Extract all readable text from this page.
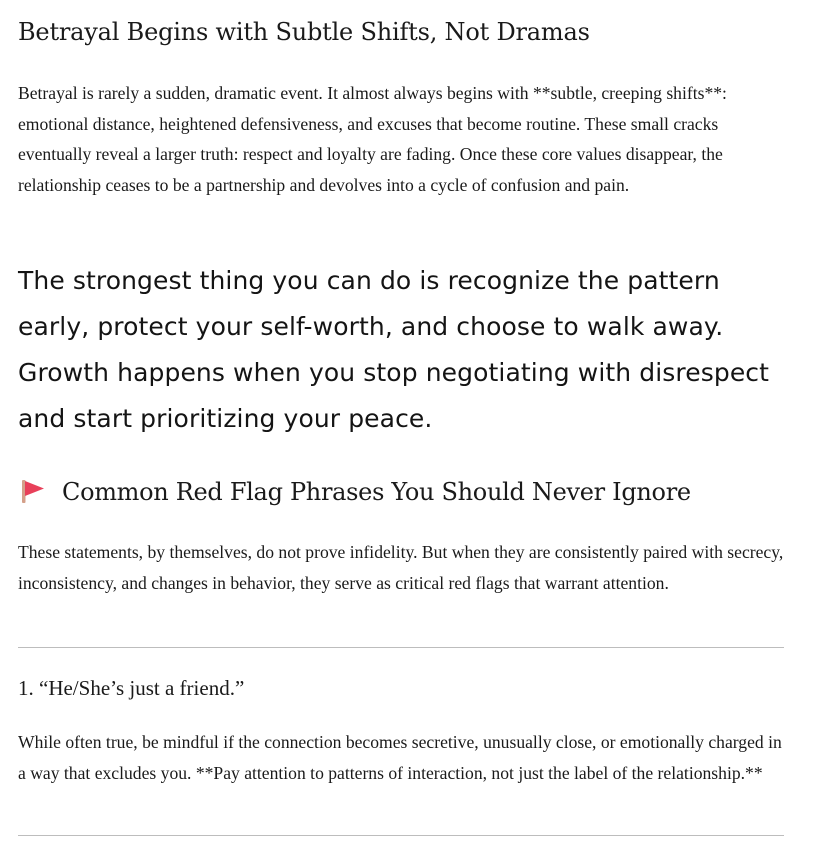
Betrayal Begins with Subtle Shifts, Not Dramas

Betrayal is rarely a sudden, dramatic event. It almost always begins with **subtle, creeping shifts**: emotional distance, heightened defensiveness, and excuses that become routine. These small cracks eventually reveal a larger truth: respect and loyalty are fading. Once these core values disappear, the relationship ceases to be a partnership and devolves into a cycle of confusion and pain.

The strongest thing you can do is recognize the pattern early, protect your self-worth, and choose to walk away. Growth happens when you stop negotiating with disrespect and start prioritizing your peace.

Common Red Flag Phrases You Should Never Ignore

These statements, by themselves, do not prove infidelity. But when they are consistently paired with secrecy, inconsistency, and changes in behavior, they serve as critical red flags that warrant attention.

1. “He/She’s just a friend.”

While often true, be mindful if the connection becomes secretive, unusually close, or emotionally charged in a way that excludes you. **Pay attention to patterns of interaction, not just the label of the relationship.**
